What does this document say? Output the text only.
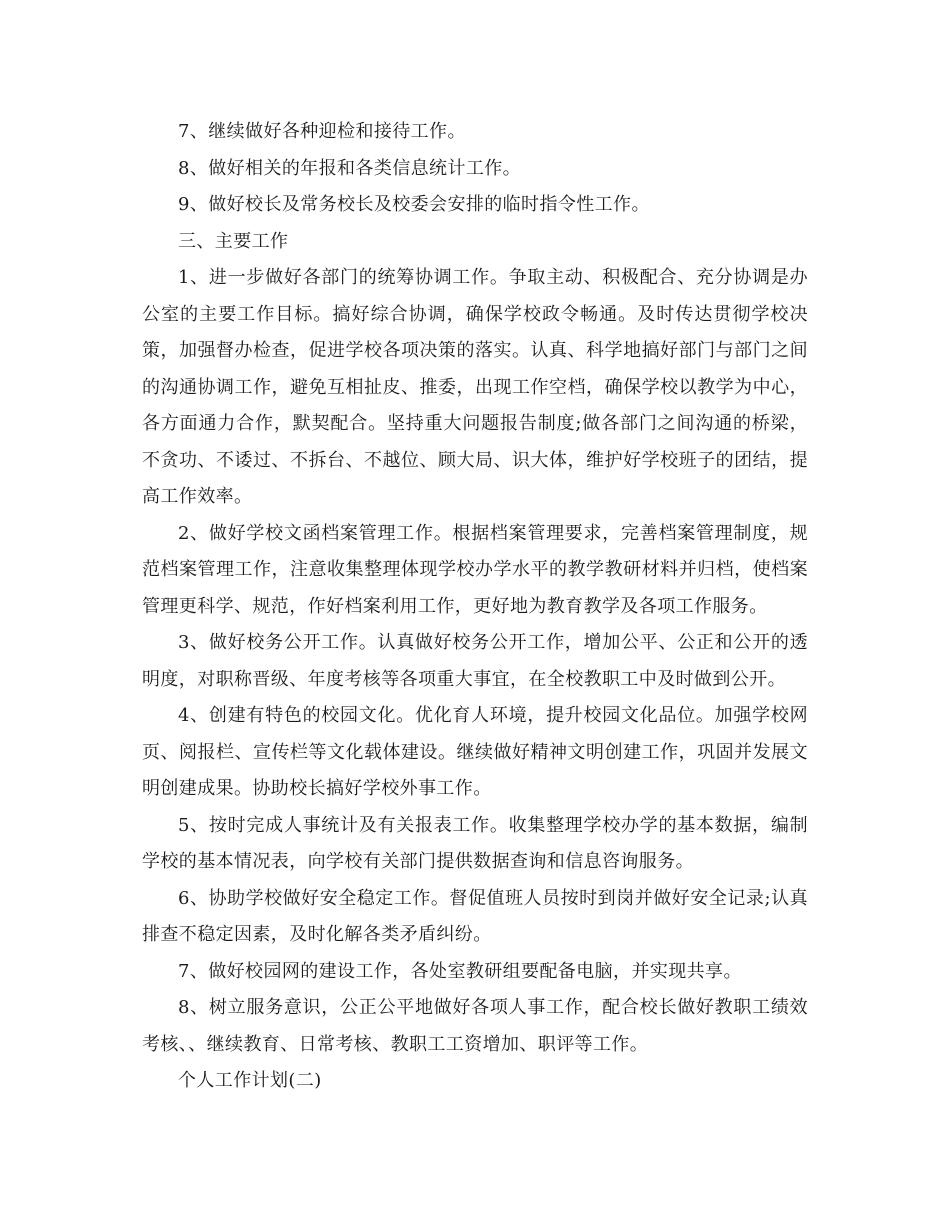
7、继续做好各种迎检和接待工作。

8、做好相关的年报和各类信息统计工作。

9、做好校长及常务校长及校委会安排的临时指令性工作。

三、主要工作

1、进一步做好各部门的统筹协调工作。争取主动、积极配合、充分协调是办公室的主要工作目标。搞好综合协调，确保学校政令畅通。及时传达贯彻学校决策，加强督办检查，促进学校各项决策的落实。认真、科学地搞好部门与部门之间的沟通协调工作，避免互相扯皮、推委，出现工作空档，确保学校以教学为中心，各方面通力合作，默契配合。坚持重大问题报告制度;做各部门之间沟通的桥梁，不贪功、不诿过、不拆台、不越位、顾大局、识大体，维护好学校班子的团结，提高工作效率。

2、做好学校文函档案管理工作。根据档案管理要求，完善档案管理制度，规范档案管理工作，注意收集整理体现学校办学水平的教学教研材料并归档，使档案管理更科学、规范，作好档案利用工作，更好地为教育教学及各项工作服务。

3、做好校务公开工作。认真做好校务公开工作，增加公平、公正和公开的透明度，对职称晋级、年度考核等各项重大事宜，在全校教职工中及时做到公开。

4、创建有特色的校园文化。优化育人环境，提升校园文化品位。加强学校网页、阅报栏、宣传栏等文化载体建设。继续做好精神文明创建工作，巩固并发展文明创建成果。协助校长搞好学校外事工作。

5、按时完成人事统计及有关报表工作。收集整理学校办学的基本数据，编制学校的基本情况表，向学校有关部门提供数据查询和信息咨询服务。

6、协助学校做好安全稳定工作。督促值班人员按时到岗并做好安全记录;认真排查不稳定因素，及时化解各类矛盾纠纷。

7、做好校园网的建设工作，各处室教研组要配备电脑，并实现共享。

8、树立服务意识，公正公平地做好各项人事工作，配合校长做好教职工绩效考核、、继续教育、日常考核、教职工工资增加、职评等工作。

个人工作计划(二)
